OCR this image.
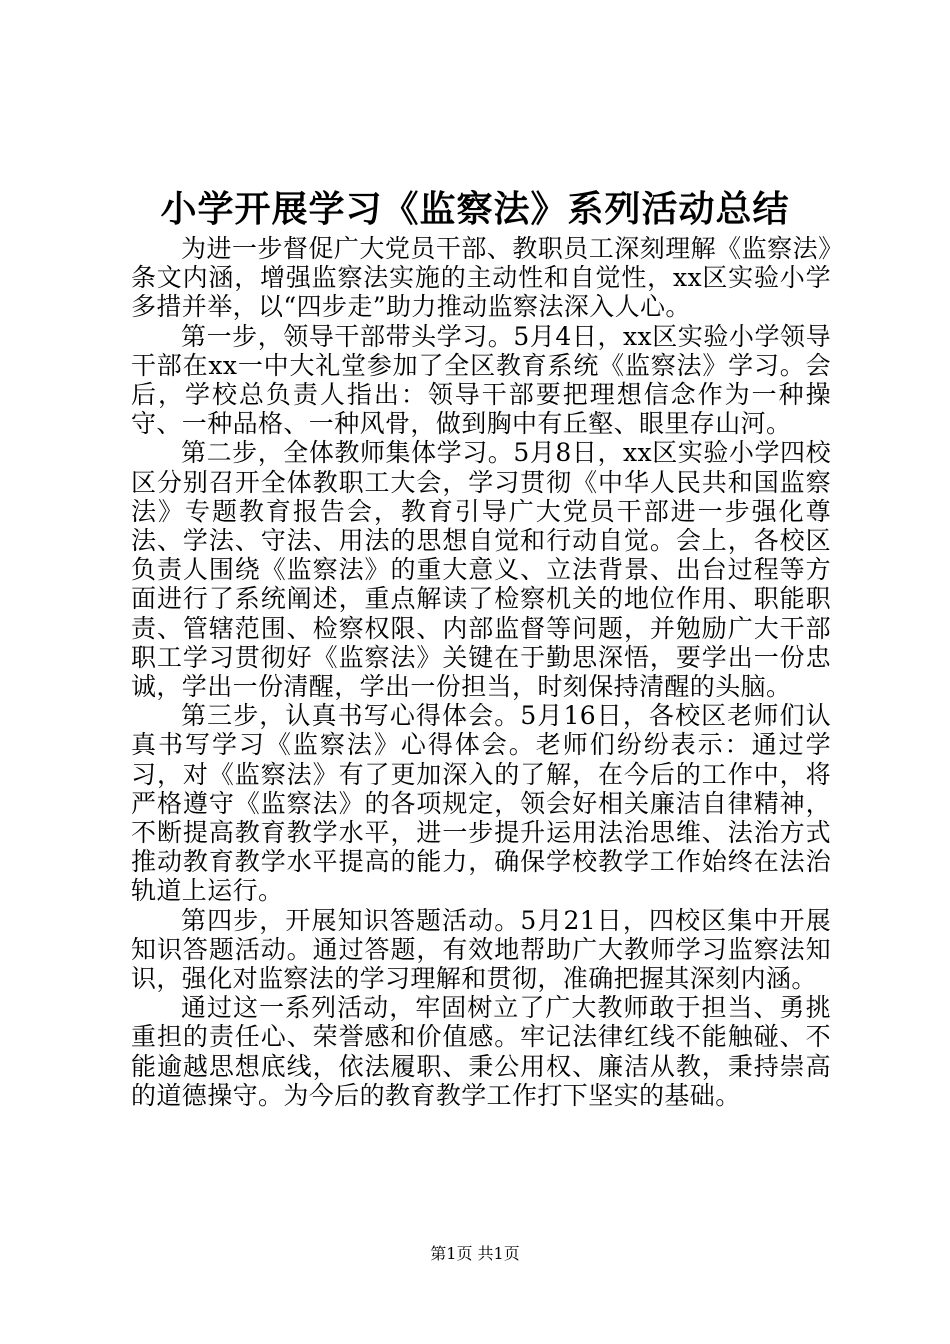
小学开展学习《监察法》系列活动总结

为进一步督促广大党员干部、教职员工深刻理解《监察法》条文内涵，增强监察法实施的主动性和自觉性，xx区实验小学多措并举，以“四步走”助力推动监察法深入人心。

第一步，领导干部带头学习。5月4日，xx区实验小学领导干部在xx一中大礼堂参加了全区教育系统《监察法》学习。会后，学校总负责人指出：领导干部要把理想信念作为一种操守、一种品格、一种风骨，做到胸中有丘壑、眼里存山河。

第二步，全体教师集体学习。5月8日，xx区实验小学四校区分别召开全体教职工大会，学习贯彻《中华人民共和国监察法》专题教育报告会，教育引导广大党员干部进一步强化尊法、学法、守法、用法的思想自觉和行动自觉。会上，各校区负责人围绕《监察法》的重大意义、立法背景、出台过程等方面进行了系统阐述，重点解读了检察机关的地位作用、职能职责、管辖范围、检察权限、内部监督等问题，并勉励广大干部职工学习贯彻好《监察法》关键在于勤思深悟，要学出一份忠诚，学出一份清醒，学出一份担当，时刻保持清醒的头脑。

第三步，认真书写心得体会。5月16日，各校区老师们认真书写学习《监察法》心得体会。老师们纷纷表示：通过学习，对《监察法》有了更加深入的了解，在今后的工作中，将严格遵守《监察法》的各项规定，领会好相关廉洁自律精神，不断提高教育教学水平，进一步提升运用法治思维、法治方式推动教育教学水平提高的能力，确保学校教学工作始终在法治轨道上运行。

第四步，开展知识答题活动。5月21日，四校区集中开展知识答题活动。通过答题，有效地帮助广大教师学习监察法知识，强化对监察法的学习理解和贯彻，准确把握其深刻内涵。

通过这一系列活动，牢固树立了广大教师敢于担当、勇挑重担的责任心、荣誉感和价值感。牢记法律红线不能触碰、不能逾越思想底线，依法履职、秉公用权、廉洁从教，秉持崇高的道德操守。为今后的教育教学工作打下坚实的基础。

第1页 共1页
